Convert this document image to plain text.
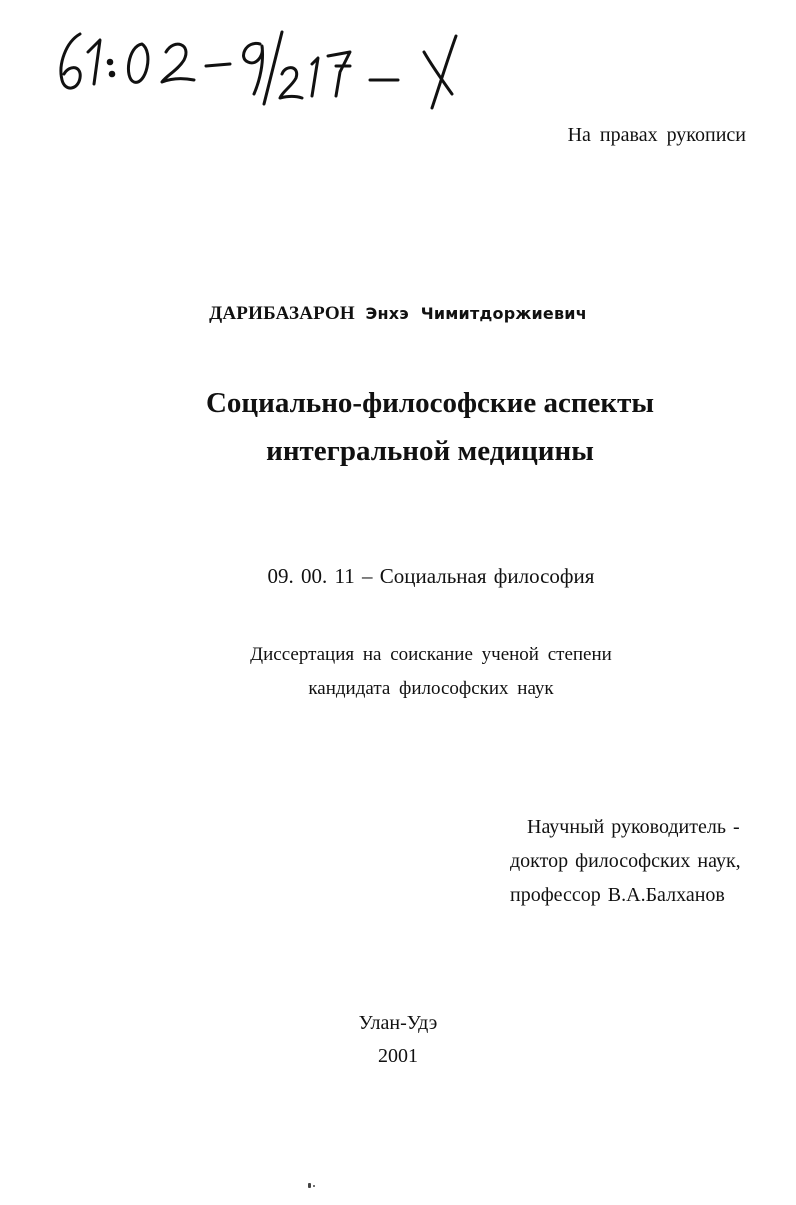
На правах рукописи
ДАРИБАЗАРОН Энхэ Чимитдоржиевич
Социально-философские аспекты
интегральной медицины
09. 00. 11 – Социальная философия
Диссертация на соискание ученой степени
кандидата философских наук
Научный руководитель -
доктор философских наук,
профессор В.А.Балханов
Улан-Удэ
2001
